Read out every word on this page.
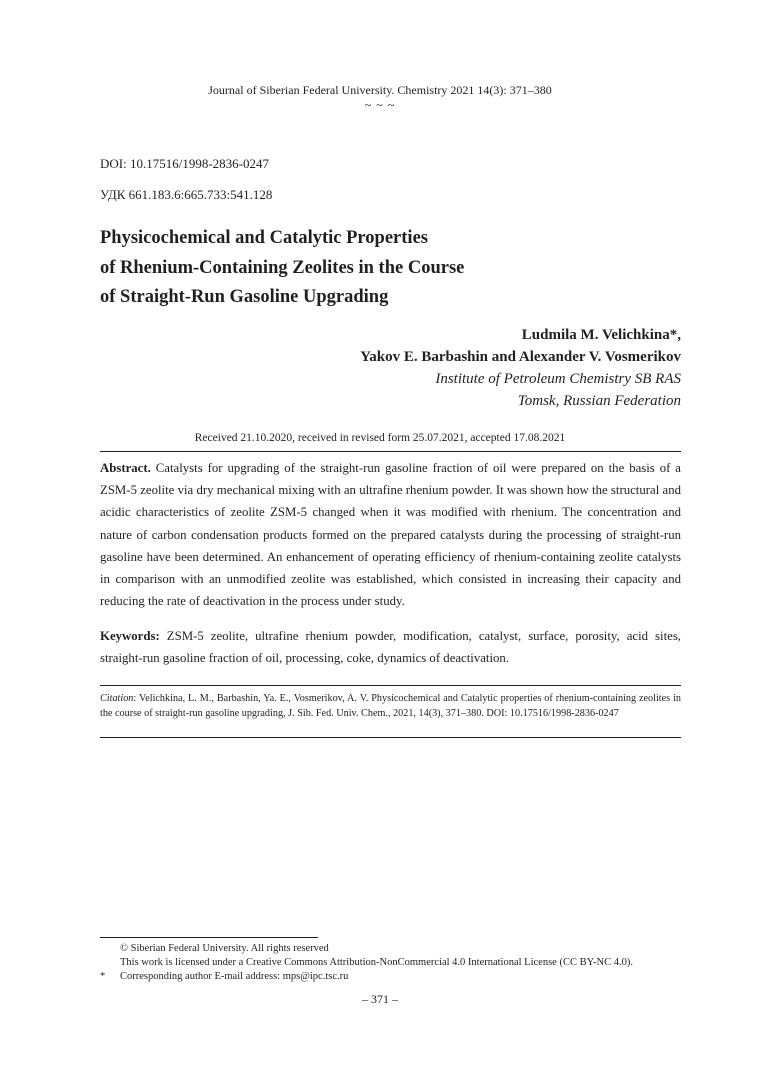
Journal of Siberian Federal University. Chemistry 2021 14(3): 371–380
~ ~ ~
DOI: 10.17516/1998-2836-0247
УДК 661.183.6:665.733:541.128
Physicochemical and Catalytic Properties
of Rhenium-Containing Zeolites in the Course
of Straight-Run Gasoline Upgrading
Ludmila M. Velichkina*,
Yakov E. Barbashin and Alexander V. Vosmerikov
Institute of Petroleum Chemistry SB RAS
Tomsk, Russian Federation
Received 21.10.2020, received in revised form 25.07.2021, accepted 17.08.2021
Abstract. Catalysts for upgrading of the straight-run gasoline fraction of oil were prepared on the basis of a ZSM-5 zeolite via dry mechanical mixing with an ultrafine rhenium powder. It was shown how the structural and acidic characteristics of zeolite ZSM-5 changed when it was modified with rhenium. The concentration and nature of carbon condensation products formed on the prepared catalysts during the processing of straight-run gasoline have been determined. An enhancement of operating efficiency of rhenium-containing zeolite catalysts in comparison with an unmodified zeolite was established, which consisted in increasing their capacity and reducing the rate of deactivation in the process under study.
Keywords: ZSM-5 zeolite, ultrafine rhenium powder, modification, catalyst, surface, porosity, acid sites, straight-run gasoline fraction of oil, processing, coke, dynamics of deactivation.
Citation: Velichkina, L. M., Barbashin, Ya. E., Vosmerikov, A. V. Physicochemical and Catalytic properties of rhenium-containing zeolites in the course of straight-run gasoline upgrading, J. Sib. Fed. Univ. Chem., 2021, 14(3), 371–380. DOI: 10.17516/1998-2836-0247
© Siberian Federal University. All rights reserved
This work is licensed under a Creative Commons Attribution-NonCommercial 4.0 International License (CC BY-NC 4.0).
* Corresponding author E-mail address: mps@ipc.tsc.ru
– 371 –
